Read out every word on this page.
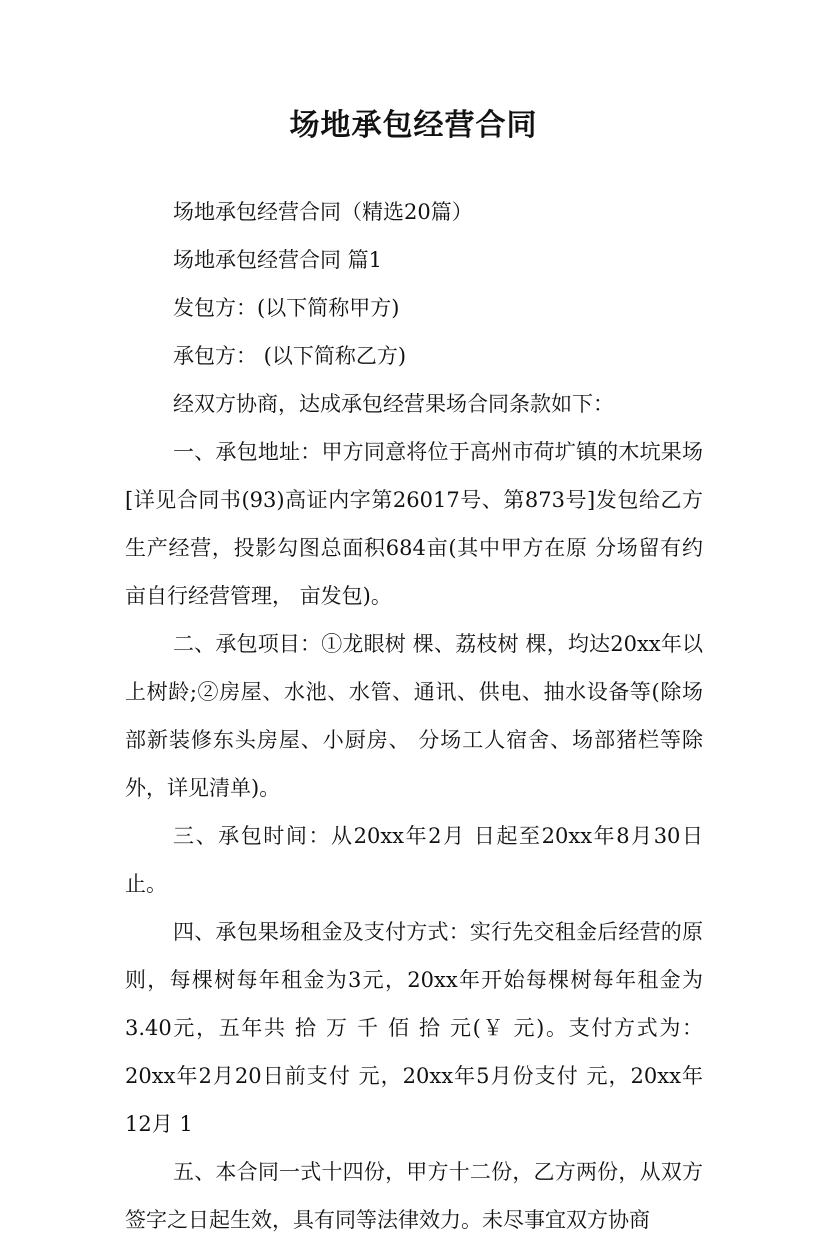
场地承包经营合同

场地承包经营合同（精选20篇）

场地承包经营合同 篇1

发包方：(以下简称甲方)

承包方： (以下简称乙方)

经双方协商，达成承包经营果场合同条款如下：

一、承包地址：甲方同意将位于高州市荷圹镇的木坑果场[详见合同书(93)高证内字第26017号、第873号]发包给乙方生产经营，投影勾图总面积684亩(其中甲方在原 分场留有约 亩自行经营管理， 亩发包)。

二、承包项目：①龙眼树 棵、荔枝树 棵，均达20xx年以上树龄;②房屋、水池、水管、通讯、供电、抽水设备等(除场部新装修东头房屋、小厨房、 分场工人宿舍、场部猪栏等除外，详见清单)。

三、承包时间：从20xx年2月 日起至20xx年8月30日止。

四、承包果场租金及支付方式：实行先交租金后经营的原则，每棵树每年租金为3元，20xx年开始每棵树每年租金为3.40元，五年共 拾 万 千 佰 拾 元(￥ 元)。支付方式为：20xx年2月20日前支付 元，20xx年5月份支付 元，20xx年12月 1

五、本合同一式十四份，甲方十二份，乙方两份，从双方签字之日起生效，具有同等法律效力。未尽事宜双方协商
